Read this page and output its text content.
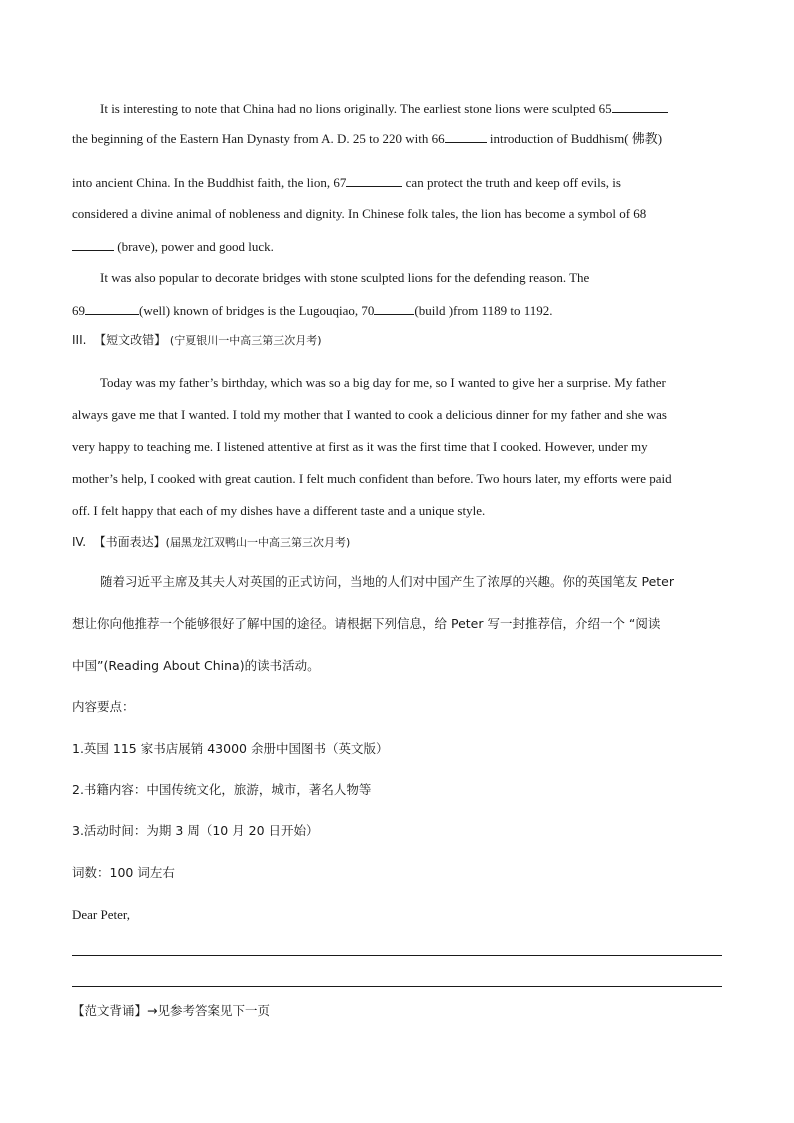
It is interesting to note that China had no lions originally. The earliest stone lions were sculpted 65
the beginning of the Eastern Han Dynasty from A. D. 25 to 220 with 66	introduction of Buddhism( 佛教)
into ancient China. In the Buddhist faith, the lion, 67	can protect the truth and keep off evils, is
considered a divine animal of nobleness and dignity. In Chinese folk tales, the lion has become a symbol of 68
(brave), power and good luck.
It was also popular to decorate bridges with stone sculpted lions for the defending reason. The
69	(well) known of bridges is the Lugouqiao, 70	(build )from 1189 to 1192.
III. 【短文改错】 (宁夏银川一中高三第三次月考)
Today was my father’s birthday, which was so a big day for me, so I wanted to give her a surprise. My father
always gave me that I wanted. I told my mother that I wanted to cook a delicious dinner for my father and she was
very happy to teaching me. I listened attentive at first as it was the first time that I cooked. However, under my
mother’s help, I cooked with great caution. I felt much confident than before. Two hours later, my efforts were paid
off. I felt happy that each of my dishes have a different taste and a unique style.
IV. 【书面表达】(届黑龙江双鸭山一中高三第三次月考)
随着习近平主席及其夫人对英国的正式访问，当地的人们对中国产生了浓厚的兴趣。你的英国笔友 Peter
想让你向他推荐一个能够很好了解中国的途径。请根据下列信息，给 Peter 写一封推荐信，介绍一个 “阅读
中国”(Reading About China)的读书活动。
内容要点：
1.英国 115 家书店展销 43000 余册中国图书（英文版）
2.书籍内容：中国传统文化，旅游，城市，著名人物等
3.活动时间：为期 3 周（10 月 20 日开始）
词数：100 词左右
Dear Peter,
【范文背诵】→见参考答案见下一页
